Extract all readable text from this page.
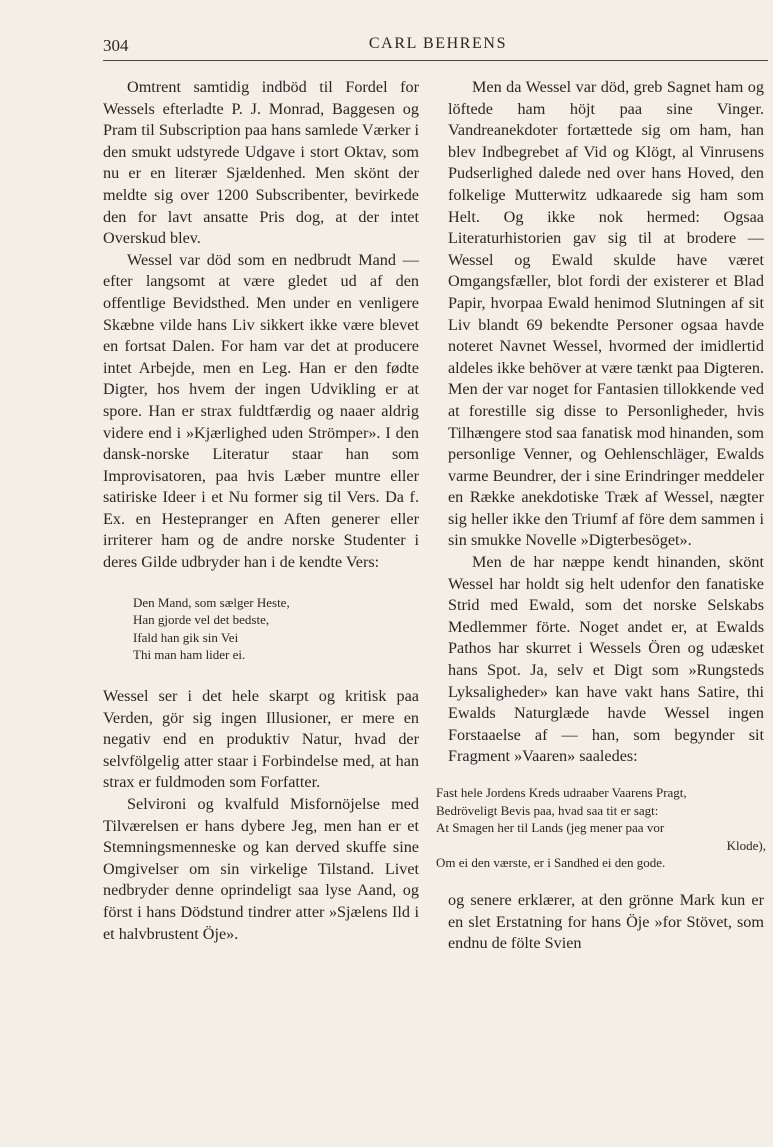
304	CARL BEHRENS

Omtrent samtidig indböd til Fordel for Wessels efterladte P. J. Monrad, Baggesen og Pram til Subscription paa hans samlede Værker i den smukt udstyrede Udgave i stort Oktav, som nu er en literær Sjældenhed. Men skönt der meldte sig over 1200 Subscribenter, bevirkede den for lavt ansatte Pris dog, at der intet Overskud blev.

Wessel var död som en nedbrudt Mand — efter langsomt at være gledet ud af den offentlige Bevidsthed. Men under en venligere Skæbne vilde hans Liv sikkert ikke være blevet en fortsat Dalen. For ham var det at producere intet Arbejde, men en Leg. Han er den fødte Digter, hos hvem der ingen Udvikling er at spore. Han er strax fuldtfærdig og naaer aldrig videre end i »Kjærlighed uden Strömper». I den dansk-norske Literatur staar han som Improvisatoren, paa hvis Læber muntre eller satiriske Ideer i et Nu former sig til Vers. Da f. Ex. en Hestepranger en Aften generer eller irriterer ham og de andre norske Studenter i deres Gilde udbryder han i de kendte Vers:

Den Mand, som sælger Heste,
Han gjorde vel det bedste,
Ifald han gik sin Vei
Thi man ham lider ei.

Wessel ser i det hele skarpt og kritisk paa Verden, gör sig ingen Illusioner, er mere en negativ end en produktiv Natur, hvad der selvfölgelig atter staar i Forbindelse med, at han strax er fuldmoden som Forfatter.

Selvironi og kvalfuld Misfornöjelse med Tilværelsen er hans dybere Jeg, men han er et Stemningsmenneske og kan derved skuffe sine Omgivelser om sin virkelige Tilstand. Livet nedbryder denne oprindeligt saa lyse Aand, og först i hans Dödstund tindrer atter »Sjælens Ild i et halvbrustent Öje».

Men da Wessel var död, greb Sagnet ham og löftede ham höjt paa sine Vinger. Vandreanekdoter fortættede sig om ham, han blev Indbegrebet af Vid og Klögt, al Vinrusens Pudserlighed dalede ned over hans Hoved, den folkelige Mutterwitz udkaarede sig ham som Helt. Og ikke nok hermed: Ogsaa Literaturhistorien gav sig til at brodere — Wessel og Ewald skulde have været Omgangsfæller, blot fordi der existerer et Blad Papir, hvorpaa Ewald henimod Slutningen af sit Liv blandt 69 bekendte Personer ogsaa havde noteret Navnet Wessel, hvormed der imidlertid aldeles ikke behöver at være tænkt paa Digteren. Men der var noget for Fantasien tillokkende ved at forestille sig disse to Personligheder, hvis Tilhængere stod saa fanatisk mod hinanden, som personlige Venner, og Oehlenschläger, Ewalds varme Beundrer, der i sine Erindringer meddeler en Række anekdotiske Træk af Wessel, nægter sig heller ikke den Triumf af före dem sammen i sin smukke Novelle »Digterbesöget».

Men de har næppe kendt hinanden, skönt Wessel har holdt sig helt udenfor den fanatiske Strid med Ewald, som det norske Selskabs Medlemmer förte. Noget andet er, at Ewalds Pathos har skurret i Wessels Ören og udæsket hans Spot. Ja, selv et Digt som »Rungsteds Lyksaligheder» kan have vakt hans Satire, thi Ewalds Naturglæde havde Wessel ingen Forstaaelse af — han, som begynder sit Fragment »Vaaren» saaledes:

Fast hele Jordens Kreds udraaber Vaarens Pragt,
Bedröveligt Bevis paa, hvad saa tit er sagt:
At Smagen her til Lands (jeg mener paa vor
Klode),
Om ei den værste, er i Sandhed ei den gode.

og senere erklærer, at den grönne Mark kun er en slet Erstatning for hans Öje »for Stövet, som endnu de fölte Svien
